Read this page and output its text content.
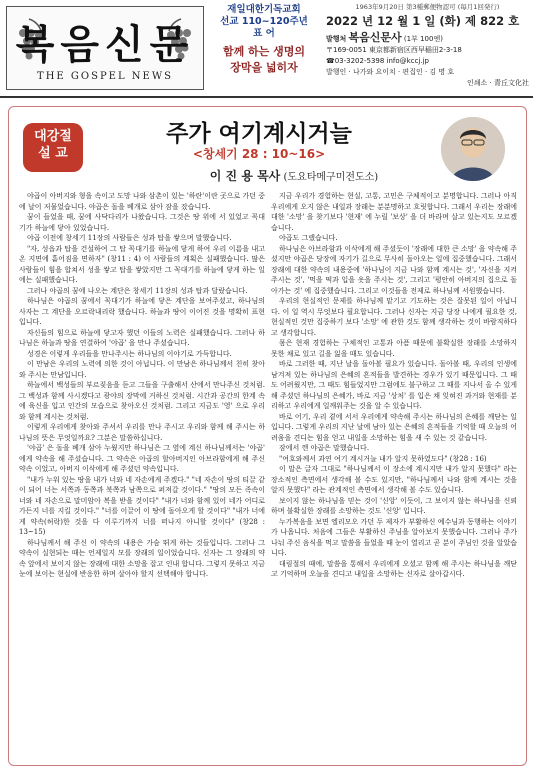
복음신문
THE GOSPEL NEWS
재일대한기독교회
선교 110~120주년
표 어
함께 하는 생명의
장막을 넓히자
1963年9月20日 第3種郵便物認可 (毎月1回発行)
2022 년 12 월 1 일 (화) 제 822 호
발행처 복음신문사 (1부 100엔)
〒169-0051 東京都新宿区西早稲田2-3-18
☎03-3202-5398 info@kccj.jp
발행인 · 나가와 요이치 · 편집인 · 김 명 호
인쇄소 · 青丘文化社
대강절
설 교
주가 여기계시거늘
<창세기 28 : 10~16>
이 진 용 목사 (도요타메구미전도소)

야곱이 아버지와 형을 속이고 도망 나와 삼촌이 있는 '하란'이란 곳으로 가던 중에 날이 저물었습니다. 야곱은 돌을 베개로 삼아 잠을 잤습니다.

꿈이 들었을 때, 꿈에 사닥다리가 나왔습니다. 그것은 땅 위에 서 있었고 꼭대기가 하늘에 닿아 있었습니다.

야곱 이전에 창세기 11장의 사람들은 성과 탑을 쌓으며 말했습니다.

"자, 성읍과 탑을 건설하여 그 탑 꼭대기를 하늘에 닿게 하여 우리 이름을 내고 온 지면에 흩어짐을 면하자" (창11 : 4) 이 사람들의 계획은 실패했습니다. 많은 사람들이 힘을 합쳐서 성을 쌓고 탑을 쌓았지만 그 꼭대기를 하늘에 닿게 하는 일에는 실패했습니다.

그러나 야곱의 꿈에 나오는 계단은 창세기 11장의 성과 탑과 달랐습니다.

하나님은 야곱의 꿈에서 꼭대기가 하늘에 닿은 계단을 보여주셨고, 하나님의 사자는 그 계단을 오르락내리락 했습니다. 하늘과 땅이 이어진 것을 명확히 표현입니다.

자신들의 힘으로 하늘에 닿고자 했던 이들의 노력은 실패했습니다. 그러나 하나님은 하늘과 땅을 연결하여 '야곱' 을 만나 주셨습니다.

성경은 이렇게 우리들을 만나주시는 하나님의 이야기로 가득합니다.

이 만남은 우리의 노력에 의한 것이 아닙니다. 이 만남은 하나님께서 친히 찾아와 주시는 만남입니다.

하늘에서 백성들의 부르짖음을 듣고 그들을 구출해서 산에서 만나주신 것처럼. 그 백성과 함께 사시겠다고 광야의 장막에 거하신 것처럼. 시간과 공간의 한계 속에 육신을 입고 인간의 모습으로 찾아오신 것처럼. 그리고 지금도 '영' 으로 우리와 함께 계시는 것처럼.

이렇게 우리에게 찾아와 주셔서 우리를 만나 주시고 우리와 함께 해 주시는 하나님의 뜻은 무엇일까요? 그분은 말씀하십니다.

'야곱' 은 돌을 베개 삼아 누웠지만 하나님은 그 옆에 계신 하나님께서는 '야곱' 에게 약속을 해 주셨습니다. 그 약속은 아곱의 할아버지인 아브라함에게 해 주신 약속 이었고, 아버지 이삭에게 해 주셨던 약속입니다.

"내가 누워 있는 땅을 내가 너와 네 자손에게 주겠다." "네 자손이 땅의 티끌 같이 되어 너는 서쪽과 동쪽과 북쪽과 남쪽으로 퍼져갈 것이다." "땅의 모든 족속이 너와 네 자손으로 말미암아 복을 받을 것이다" "내가 너와 함께 있어 네가 어디로 가든지 너를 지킬 것이다." "너를 이끌어 이 땅에 돌아오게 할 것이다" "내가 너에게 약속(허락)한 것을 다 이루기까지 너를 떠나지 아니할 것이다" (창28 : 13~15)

하나님께서 해 주신 이 약속의 내용은 가슴 뛰게 하는 것들입니다. 그러나 그 약속이 실현되는 때는 언제일지 모를 장래의 일이었습니다. 신자는 그 장래의 약속 앞에서 보이지 않는 장래에 대한 소망을 잡고 인내 합니다. 그렇지 못하고 지금 눈에 보이는 현실에 반응한 하며 살아야 할지 선택해야 합니다.

지금 우리가 경험하는 현실, 고통, 고민은 구체적이고 분명합니다. 그러나 아직 우리에게 오지 않은 내일과 장래는 분분명하고 흐릿합니다. 그래서 우리는 장래에 대한 '소망' 을 찾기보다 '현재' 에 누릴 '보상' 을 더 바라며 살고 있는지도 모르겠습니다.

야곱도 그랬습니다.

하나님은 아브라함과 이삭에게 해 주셨듯이 '장래에 대한 큰 소망' 을 약속해 주셨지만 야곱은 당장에 자기가 길으로 무사히 돌아오는 일에 집중했습니다. 그래서 장래에 대한 약속의 내용중에 '하나님이 지금 나와 함께 계시는 것', '자신을 지켜 주시는 것', '먹을 떡과 입을 옷을 주시는 것', 그리고 '평안히 아버지의 집으로 돌아가는 것' 에 집중했습니다. 그리고 이것들을 전제로 하나님께 서원했습니다.

우리의 현실적인 문제를 하나님께 맡기고 기도하는 것은 잘못된 일이 아닙니다. 이 일 역시 무엇보다 필요합니다. 그러나 신자는 지금 당장 나에게 필요한 것, 현실적인 것만 집중하기 보다 '소망' 에 관한 것도 함께 생각하는 것이 바람직하다고 생각합니다.

몸은 현재 경험하는 구체적인 고통과 아픔 때문에 불확실한 장래를 소망하지 못한 채로 있고 길을 잃을 때도 있습니다.

바로 그러한 때, 지난 날을 돌아볼 필요가 있습니다. 돌아볼 때, 우리의 인생에 남겨져 있는 하나님의 은혜의 흔적들을 발견하는 경우가 있기 때문입니다. 그 때도 어려웠지만, 그 때도 힘들었지만 그럼에도 불구하고 그 때를 지나서 올 수 있게 해 주셨던 하나님의 은혜가, 바로 지금 '상처' 를 입은 채 잊혀진 과거와 현재를 분리하고 우리에게 일깨워주는 것을 알 수 있습니다.

바로 어기, 우리 곁에 서서 우리에게 약속해 주시는 하나님의 은혜를 깨닫는 일 입니다. 그렇게 우리의 지난 날에 남아 있는 은혜의 흔적들을 기억할 때 오늘의 어려움을 견디는 힘을 얻고 내일을 소망하는 힘을 새 수 있는 것 같습니다.

잠에서 깬 야곱은 말했습니다.

"여호와께서 과연 여기 계시거늘 내가 알지 못하였도다" (창28 : 16)

이 말은 글자 그대로 "하나님께서 이 장소에 계시지만 내가 알지 못했다" 라는 장소적인 측면에서 생각해 볼 수도 있지만, "하나님께서 나와 함께 계시는 것을 알지 못했다" 라는 관계적인 측면에서 생각해 볼 수도 있습니다.

보이지 않는 하나님을 믿는 것이 '신앙' 이듯이, 그 보이지 않는 하나님을 신뢰하며 불확실한 장래를 소망하는 것도 '신앙' 입니다.

누가복음을 보면 엘리모오 가던 두 제자가 부활하신 예수님과 동행하는 이야기가 나옵니다. 처음에 그들은 부활하신 주님을 알아보지 못했습니다. 그러나 주가 나눠 주신 음식을 먹고 말씀을 들었을 때 눈이 열리고 곧 분이 주님인 것을 알았습니다.

대림절의 때에, 말씀을 통해서 우리에게 오셨고 함께 해 주시는 하나님을 깨닫고 기억하며 오늘을 견디고 내일을 소망하는 신자로 살아갑시다.
